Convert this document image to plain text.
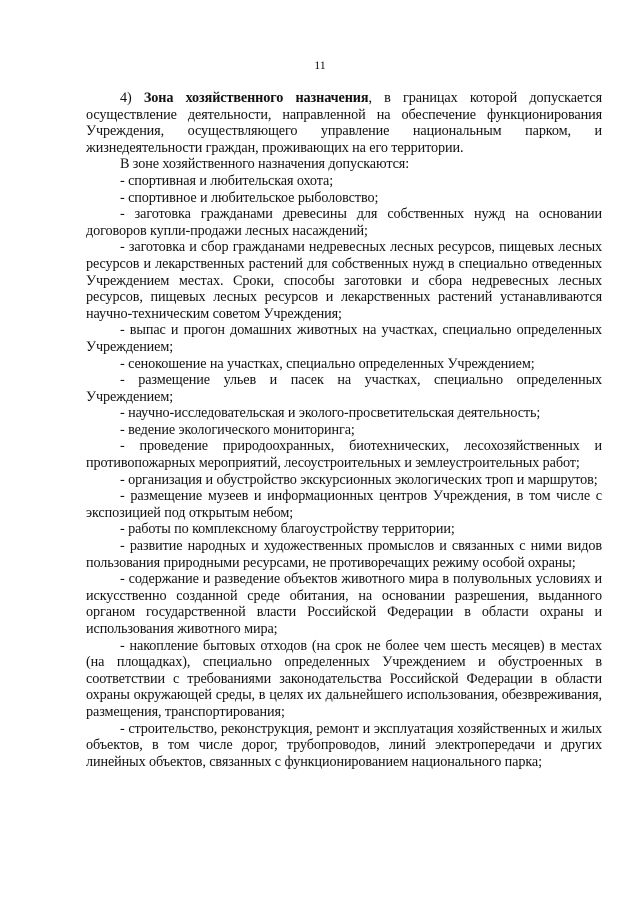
11

4) Зона хозяйственного назначения, в границах которой допускается осуществление деятельности, направленной на обеспечение функционирования Учреждения, осуществляющего управление национальным парком, и жизнедеятельности граждан, проживающих на его территории.

В зоне хозяйственного назначения допускаются:

- спортивная и любительская охота;

- спортивное и любительское рыболовство;

- заготовка гражданами древесины для собственных нужд на основании договоров купли-продажи лесных насаждений;

- заготовка и сбор гражданами недревесных лесных ресурсов, пищевых лесных ресурсов и лекарственных растений для собственных нужд в специально отведенных Учреждением местах. Сроки, способы заготовки и сбора недревесных лесных ресурсов, пищевых лесных ресурсов и лекарственных растений устанавливаются научно-техническим советом Учреждения;

- выпас и прогон домашних животных на участках, специально определенных Учреждением;

- сенокошение на участках, специально определенных Учреждением;

- размещение ульев и пасек на участках, специально определенных Учреждением;

- научно-исследовательская и эколого-просветительская деятельность;

- ведение экологического мониторинга;

- проведение природоохранных, биотехнических, лесохозяйственных и противопожарных мероприятий, лесоустроительных и землеустроительных работ;

- организация и обустройство экскурсионных экологических троп и маршрутов;

- размещение музеев и информационных центров Учреждения, в том числе с экспозицией под открытым небом;

- работы по комплексному благоустройству территории;

- развитие народных и художественных промыслов и связанных с ними видов пользования природными ресурсами, не противоречащих режиму особой охраны;

- содержание и разведение объектов животного мира в полувольных условиях и искусственно созданной среде обитания, на основании разрешения, выданного органом государственной власти Российской Федерации в области охраны и использования животного мира;

- накопление бытовых отходов (на срок не более чем шесть месяцев) в местах (на площадках), специально определенных Учреждением и обустроенных в соответствии с требованиями законодательства Российской Федерации в области охраны окружающей среды, в целях их дальнейшего использования, обезвреживания, размещения, транспортирования;

- строительство, реконструкция, ремонт и эксплуатация хозяйственных и жилых объектов, в том числе дорог, трубопроводов, линий электропередачи и других линейных объектов, связанных с функционированием национального парка;
